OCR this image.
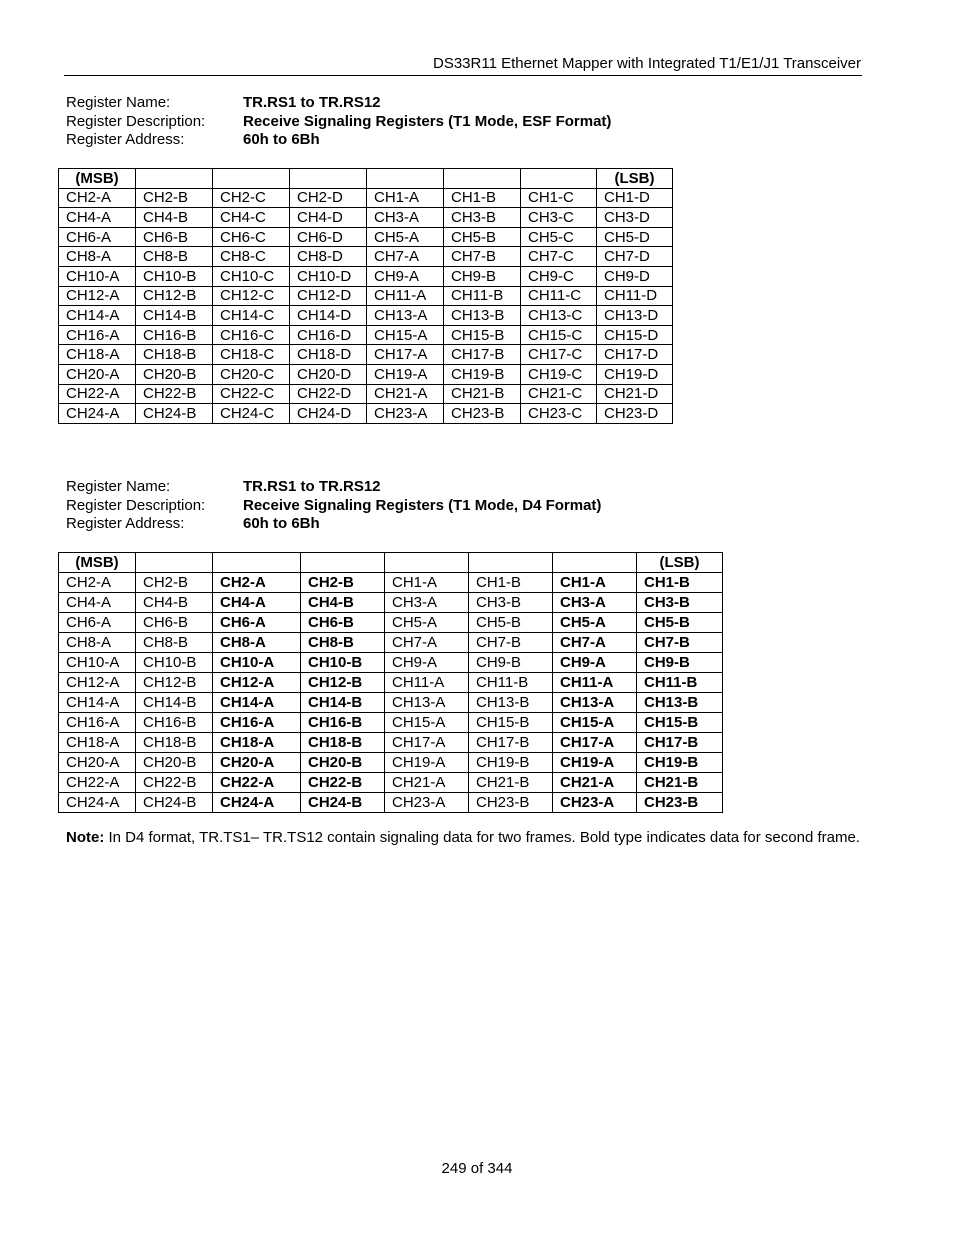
DS33R11 Ethernet Mapper with Integrated T1/E1/J1 Transceiver
Register Name:	TR.RS1 to TR.RS12
Register Description:	Receive Signaling Registers (T1 Mode, ESF Format)
Register Address:	60h to 6Bh
(MSB)							(LSB)	
CH2-A	CH2-B	CH2-C	CH2-D	CH1-A	CH1-B	CH1-C	CH1-D	
CH4-A	CH4-B	CH4-C	CH4-D	CH3-A	CH3-B	CH3-C	CH3-D	
CH6-A	CH6-B	CH6-C	CH6-D	CH5-A	CH5-B	CH5-C	CH5-D	
CH8-A	CH8-B	CH8-C	CH8-D	CH7-A	CH7-B	CH7-C	CH7-D	
CH10-A	CH10-B	CH10-C	CH10-D	CH9-A	CH9-B	CH9-C	CH9-D	
CH12-A	CH12-B	CH12-C	CH12-D	CH11-A	CH11-B	CH11-C	CH11-D	
CH14-A	CH14-B	CH14-C	CH14-D	CH13-A	CH13-B	CH13-C	CH13-D	
CH16-A	CH16-B	CH16-C	CH16-D	CH15-A	CH15-B	CH15-C	CH15-D	
CH18-A	CH18-B	CH18-C	CH18-D	CH17-A	CH17-B	CH17-C	CH17-D	
CH20-A	CH20-B	CH20-C	CH20-D	CH19-A	CH19-B	CH19-C	CH19-D	
CH22-A	CH22-B	CH22-C	CH22-D	CH21-A	CH21-B	CH21-C	CH21-D	
CH24-A	CH24-B	CH24-C	CH24-D	CH23-A	CH23-B	CH23-C	CH23-D	
Register Name:	TR.RS1 to TR.RS12
Register Description:	Receive Signaling Registers (T1 Mode, D4 Format)
Register Address:	60h to 6Bh
(MSB)							(LSB)	
CH2-A	CH2-B	CH2-A	CH2-B	CH1-A	CH1-B	CH1-A	CH1-B	
CH4-A	CH4-B	CH4-A	CH4-B	CH3-A	CH3-B	CH3-A	CH3-B	
CH6-A	CH6-B	CH6-A	CH6-B	CH5-A	CH5-B	CH5-A	CH5-B	
CH8-A	CH8-B	CH8-A	CH8-B	CH7-A	CH7-B	CH7-A	CH7-B	
CH10-A	CH10-B	CH10-A	CH10-B	CH9-A	CH9-B	CH9-A	CH9-B	
CH12-A	CH12-B	CH12-A	CH12-B	CH11-A	CH11-B	CH11-A	CH11-B	
CH14-A	CH14-B	CH14-A	CH14-B	CH13-A	CH13-B	CH13-A	CH13-B	
CH16-A	CH16-B	CH16-A	CH16-B	CH15-A	CH15-B	CH15-A	CH15-B	
CH18-A	CH18-B	CH18-A	CH18-B	CH17-A	CH17-B	CH17-A	CH17-B	
CH20-A	CH20-B	CH20-A	CH20-B	CH19-A	CH19-B	CH19-A	CH19-B	
CH22-A	CH22-B	CH22-A	CH22-B	CH21-A	CH21-B	CH21-A	CH21-B	
CH24-A	CH24-B	CH24-A	CH24-B	CH23-A	CH23-B	CH23-A	CH23-B	
Note: In D4 format, TR.TS1– TR.TS12 contain signaling data for two frames. Bold type indicates data for second frame.
249 of 344
